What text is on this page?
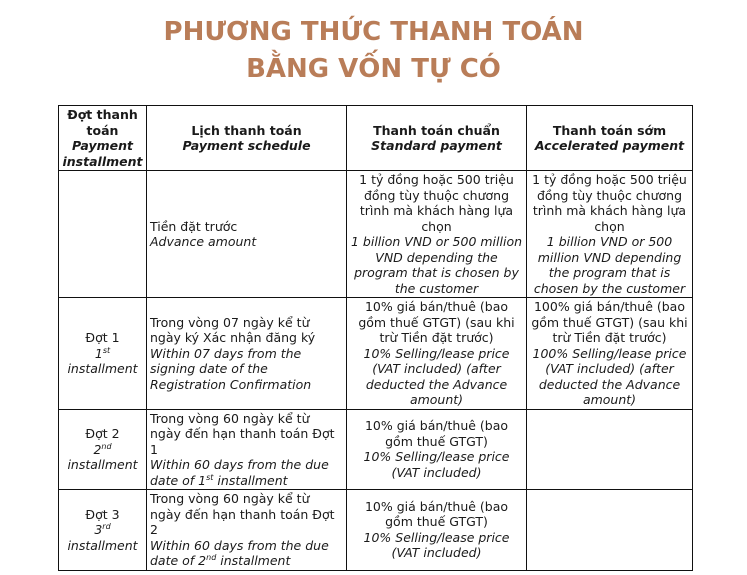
PHƯƠNG THỨC THANH TOÁN
BẰNG VỐN TỰ CÓ
Đợt thanh toán
Payment installment	Lịch thanh toán
Payment schedule	Thanh toán chuẩn
Standard payment	Thanh toán sớm
Accelerated payment

	Tiền đặt trước
Advance amount	1 tỷ đồng hoặc 500 triệu đồng tùy thuộc chương trình mà khách hàng lựa chọn
1 billion VND or 500 million VND depending the program that is chosen by the customer	1 tỷ đồng hoặc 500 triệu đồng tùy thuộc chương trình mà khách hàng lựa chọn
1 billion VND or 500 million VND depending the program that is chosen by the customer

Đợt 1
1st
installment	Trong vòng 07 ngày kể từ ngày ký Xác nhận đăng ký
Within 07 days from the signing date of the Registration Confirmation	10% giá bán/thuê (bao gồm thuế GTGT) (sau khi trừ Tiền đặt trước)
10% Selling/lease price (VAT included) (after deducted the Advance amount)	100% giá bán/thuê (bao gồm thuế GTGT) (sau khi trừ Tiền đặt trước)
100% Selling/lease price (VAT included) (after deducted the Advance amount)

Đợt 2
2nd
installment	Trong vòng 60 ngày kể từ ngày đến hạn thanh toán Đợt 1
Within 60 days from the due date of 1st installment	10% giá bán/thuê (bao gồm thuế GTGT)
10% Selling/lease price (VAT included)	

Đợt 3
3rd
installment	Trong vòng 60 ngày kể từ ngày đến hạn thanh toán Đợt 2
Within 60 days from the due date of 2nd installment	10% giá bán/thuê (bao gồm thuế GTGT)
10% Selling/lease price (VAT included)	
